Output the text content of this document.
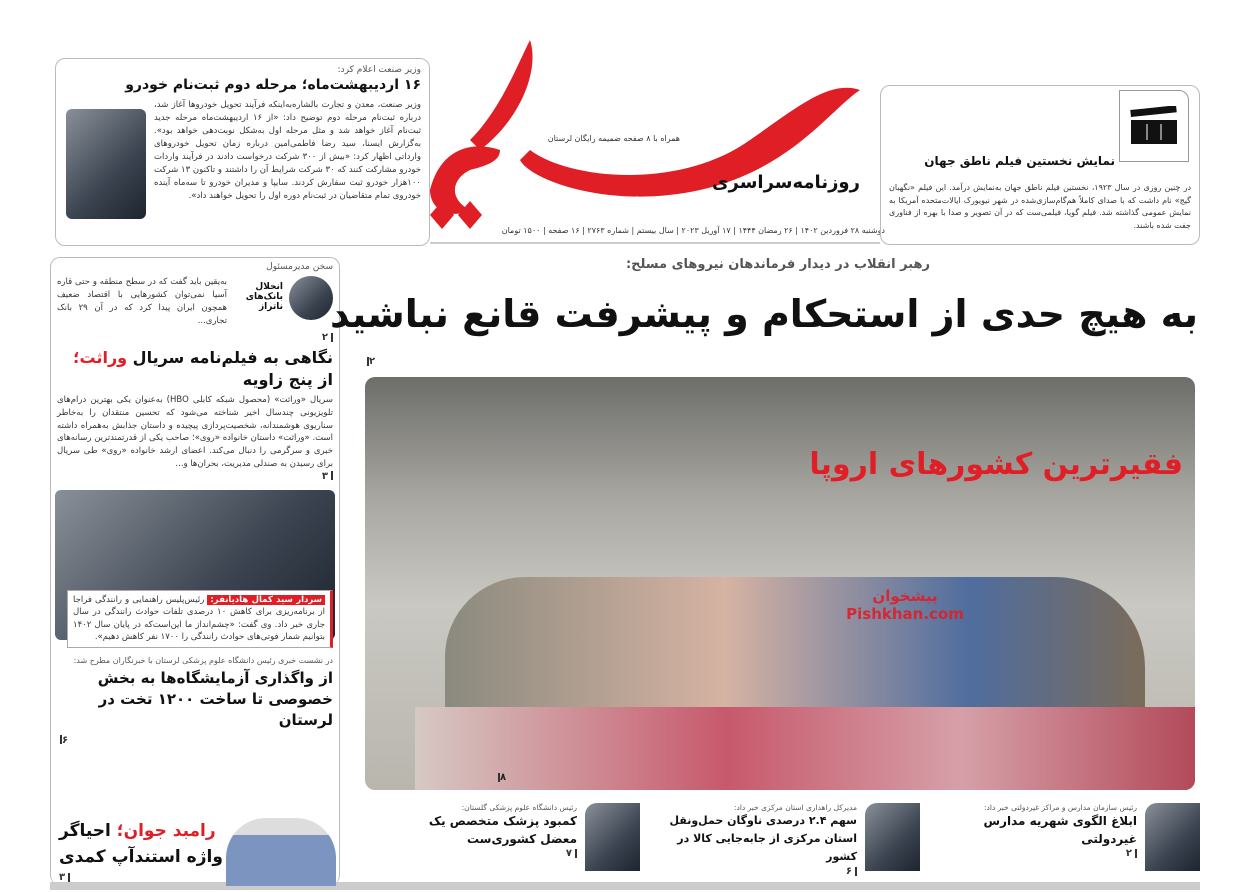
وزیر صنعت اعلام کرد:
۱۶ اردیبهشت‌ماه؛ مرحله دوم ثبت‌نام خودرو
وزیر صنعت، معدن و تجارت بالشارەبەاینکه فرآیند تحویل خودروها آغاز شد، درباره ثبت‌نام مرحله دوم توضیح داد: «از ۱۶ اردیبهشت‌ماه مرحله جدید ثبت‌نام آغاز خواهد شد و مثل مرحله اول به‌شکل نوبت‌دهی خواهد بود». به‌گزارش ایسنا، سید رضا فاطمی‌امین درباره زمان تحویل خودروهای وارداتی اظهار کرد: «بیش از ۳۰۰ شرکت درخواست دادند در فرآیند واردات خودرو مشارکت کنند که ۳۰ شرکت شرایط آن را داشتند و تاکنون ۱۳ شرکت ۱۰۰هزار خودرو ثبت سفارش کردند. سایپا و مدیران خودرو تا سه‌ماه آینده خودروی تمام متقاضیان در ثبت‌نام دوره اول را تحویل خواهند داد».
همراه با ۸ صفحه ضمیمه رایگان لرستان
روزنامه‌سراسری
دوشنبه ۲۸ فروردین ۱۴۰۲ | ۲۶ رمضان ۱۴۴۴ | ۱۷ آوریل ۲۰۲۳ | سال بیستم | شماره ۲۷۶۳ | ۱۶ صفحه | ۱۵۰۰ تومان
نمایش نخستین فیلم ناطق جهان
در چنین روزی در سال ۱۹۲۳، نخستین فیلم ناطق جهان به‌نمایش درآمد. این فیلم «نگهبان گیج» نام داشت که با صدای کاملاً هم‌گام‌سازی‌شده در شهر نیویورک ایالات‌متحده آمریکا به نمایش عمومی گذاشته شد. فیلم گویا، فیلمی‌ست که در آن تصویر و صدا با بهره از فناوری جفت شده باشند.
سخن مدیرمسئول
انحلال
بانک‌های ناتراز
به‌یقین باید گفت که در سطح منطقه و حتی قاره آسیا نمی‌توان کشورهایی با اقتصاد ضعیف همچون ایران پیدا کرد که در آن ۲۹ بانک تجاری...
۲
نگاهی به فیلم‌نامه سریال وراثت؛
از پنج زاویه
سریال «وراثت» (محصول شبکه کابلی HBO) به‌عنوان یکی بهترین درام‌های تلویزیونی چندسال اخیر شناخته می‌شود که تحسین منتقدان را به‌خاطر سناریوی هوشمندانه، شخصیت‌پردازی پیچیده و داستان جذابش به‌همراه داشته است. «وراثت» داستان خانواده «روی»؛ صاحب یکی از قدرتمندترین رسانه‌های خبری و سرگرمی را دنبال می‌کند. اعضای ارشد خانواده «روی» طی سریال برای رسیدن به صندلی مدیریت، بحران‌ها و...
۳
سردار سید کمال هادیانفر: رئیس‌پلیس راهنمایی و رانندگی فراجا از برنامه‌ریزی برای کاهش ۱۰ درصدی تلفات حوادث رانندگی در سال جاری خبر داد. وی گفت: «چشم‌انداز ما این‌است‌که در پایان سال ۱۴۰۲ بتوانیم شمار فوتی‌های حوادث رانندگی را ۱۷۰۰ نفر کاهش دهیم».
در نشست خبری رئیس دانشگاه علوم پزشکی لرستان با خبرنگاران مطرح شد:
از واگذاری آزمایشگاه‌ها به بخش خصوصی تا ساخت ۱۲۰۰ تخت در لرستان
۶
رامبد جوان؛ احیاگر
واژه استندآپ کمدی
۳
رهبر انقلاب در دیدار فرماندهان نیروهای مسلح:
به هیچ حدی از استحکام و پیشرفت قانع نباشید
۲
فقیرترین کشورهای اروپا
پیشخوان Pishkhan.com
۸
رئیس سازمان مدارس و مراکز غیردولتی خبر داد:
ابلاغ الگوی شهریه مدارس غیردولتی
۲
مدیرکل راهداری استان مرکزی خبر داد:
سهم ۲.۴ درصدی ناوگان حمل‌ونقل استان مرکزی از جابه‌جایی کالا در کشور
۶
رئیس دانشگاه علوم پزشکی گلستان:
کمبود پزشک متخصص یک معضل کشوری‌ست
۷
